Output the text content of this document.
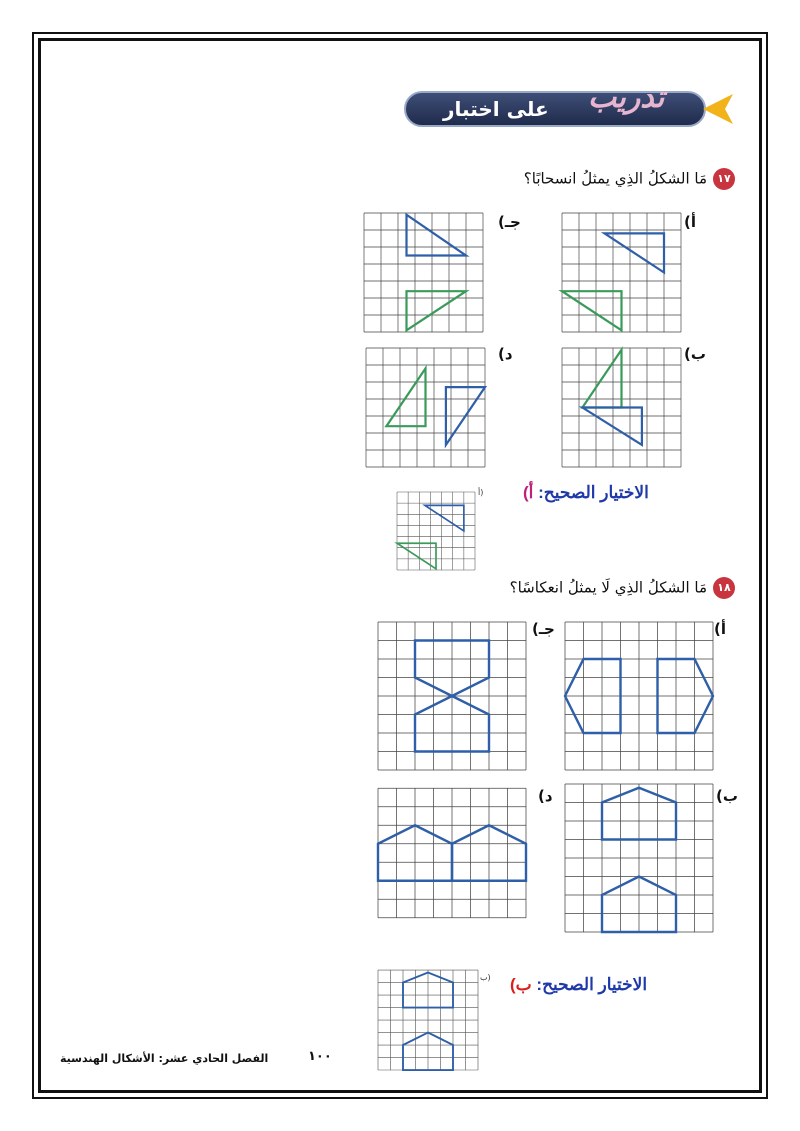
تدريب
على اختبار
١٧مَا الشكلُ الذِي يمثلُ انسحابًا؟
أ)
جـ)
ب)
د)
الاختيار الصحيح: أ)
أ)
١٨مَا الشكلُ الذِي لَا يمثلُ انعكاسًا؟
أ)
جـ)
ب)
د)
الاختيار الصحيح: ب)
ب)
١٠٠
الفصل الحادي عشر: الأشكال الهندسية
